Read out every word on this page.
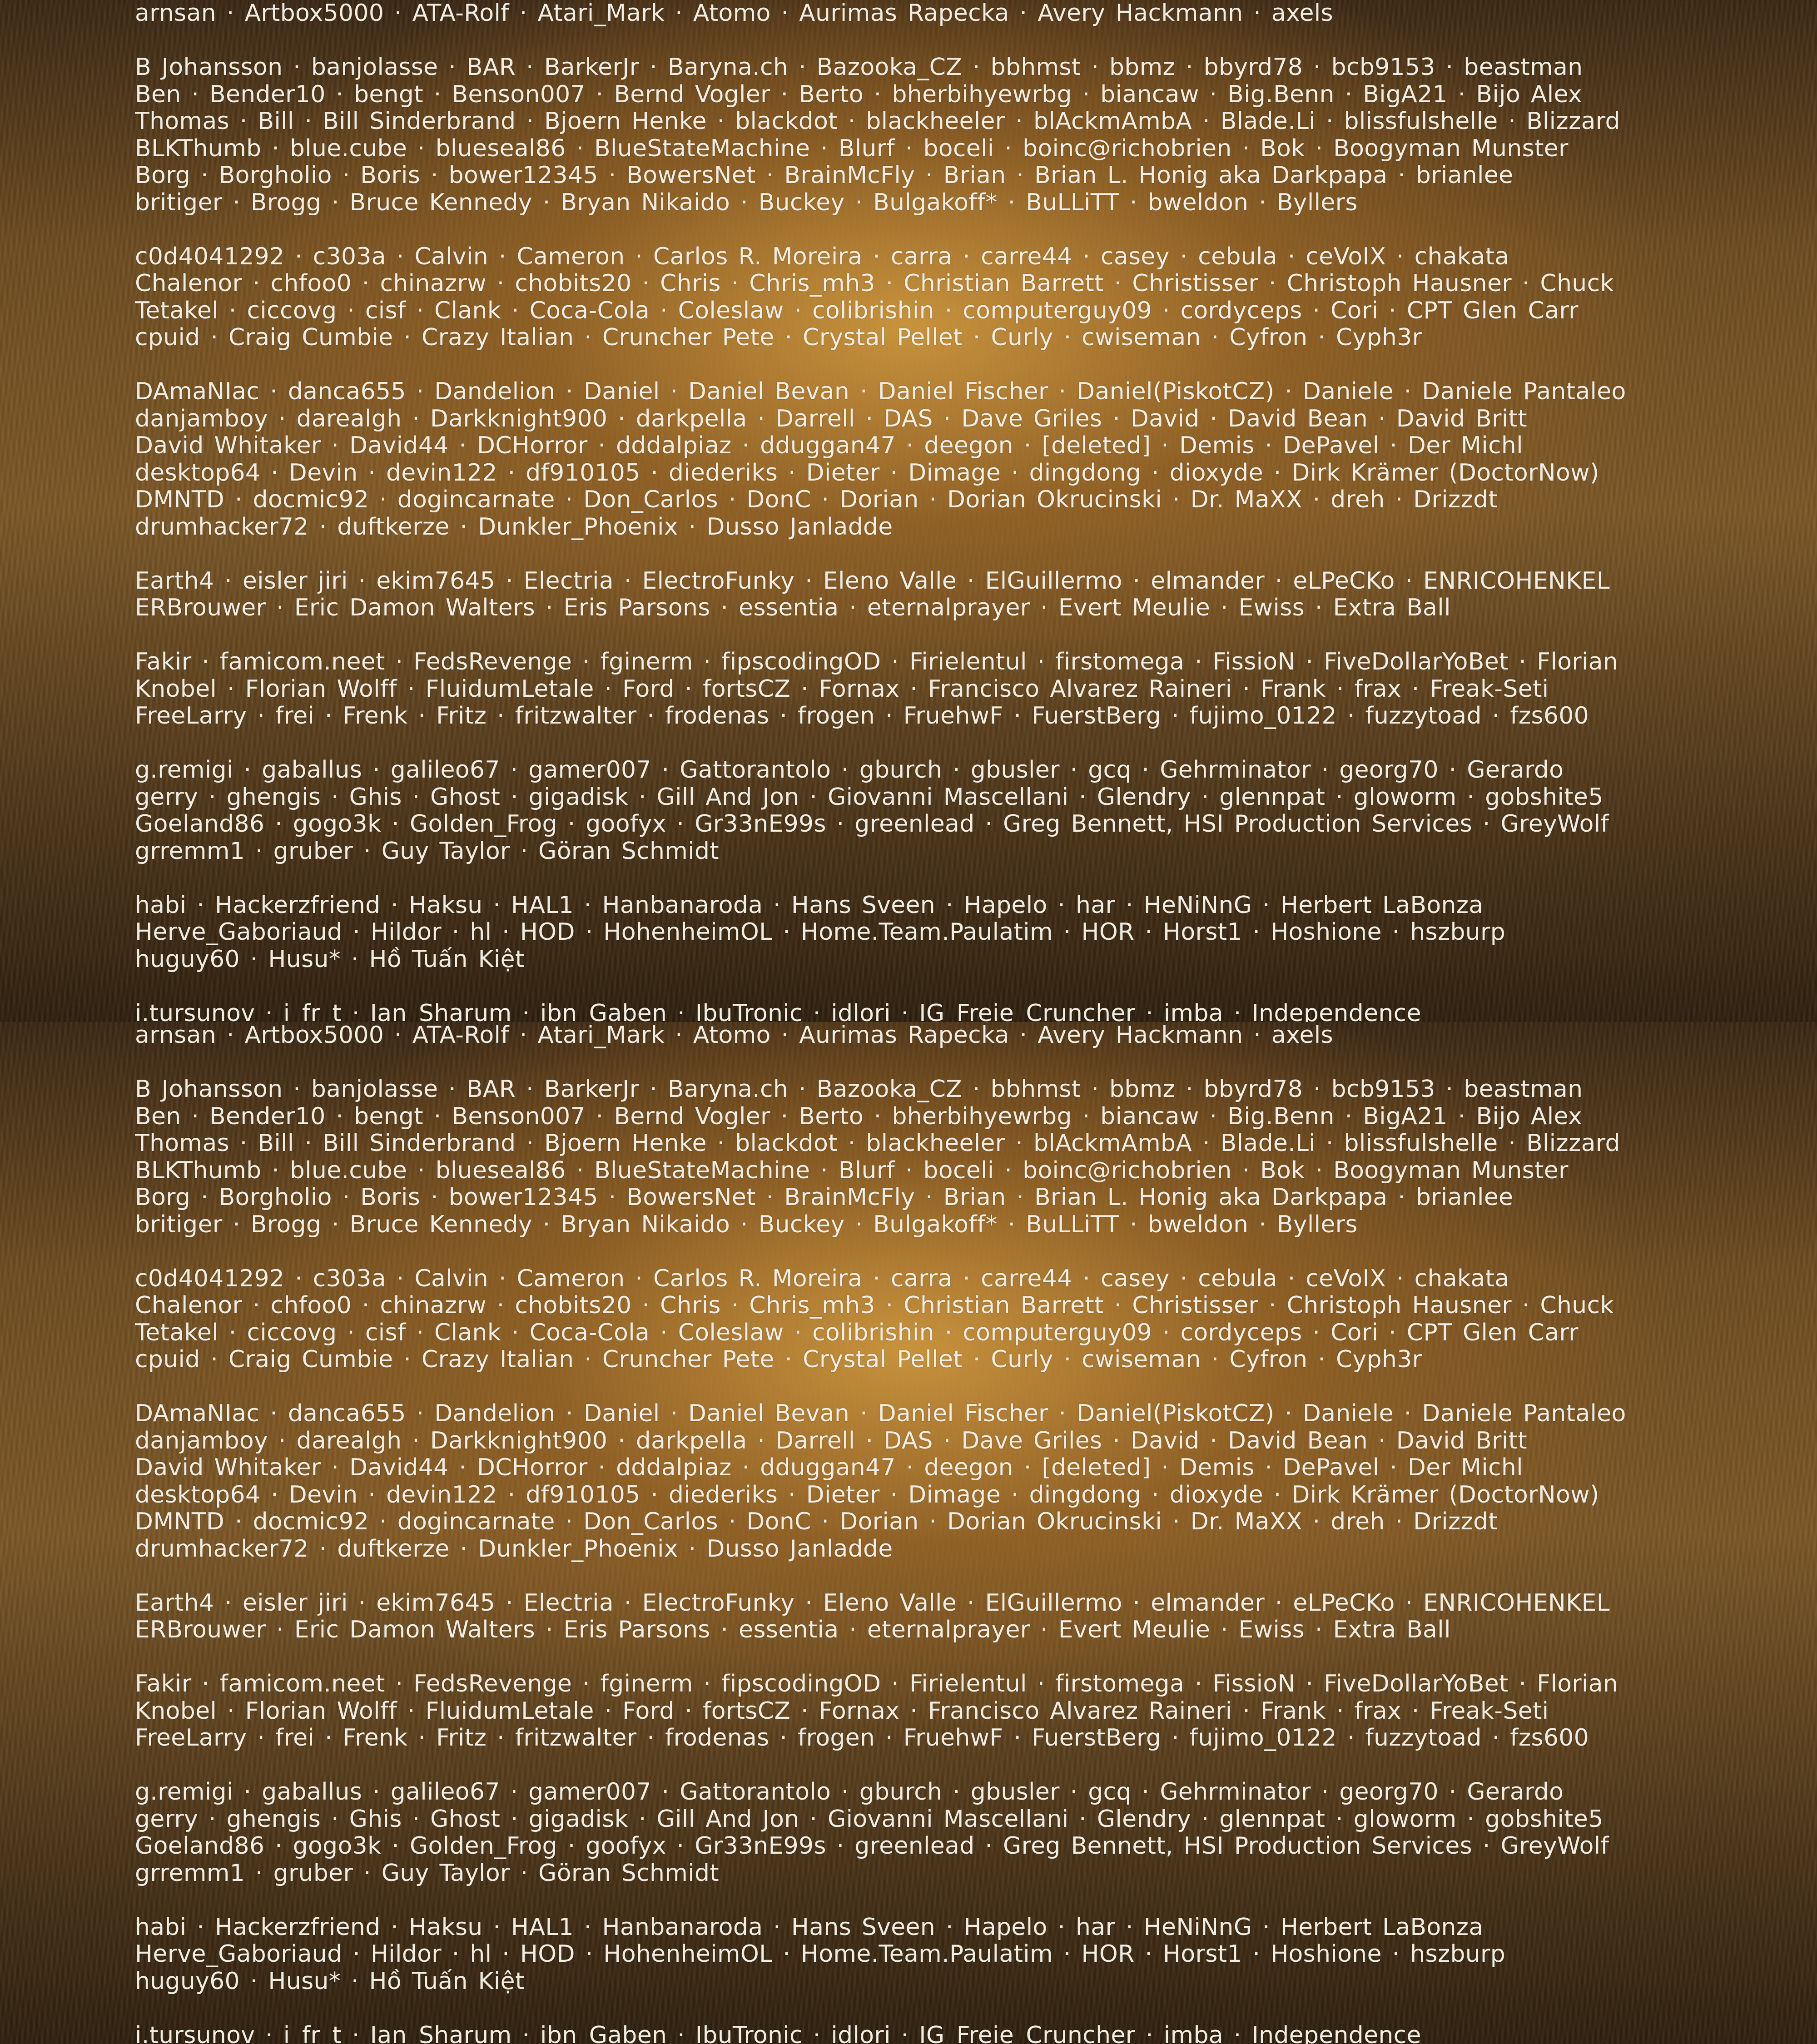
arnsan · Artbox5000 · ATA-Rolf · Atari_Mark · Atomo · Aurimas Rapecka · Avery Hackmann · axels
B Johansson · banjolasse · BAR · BarkerJr · Baryna.ch · Bazooka_CZ · bbhmst · bbmz · bbyrd78 · bcb9153 · beastman
Ben · Bender10 · bengt · Benson007 · Bernd Vogler · Berto · bherbihyewrbg · biancaw · Big.Benn · BigA21 · Bijo Alex
Thomas · Bill · Bill Sinderbrand · Bjoern Henke · blackdot · blackheeler · blAckmAmbA · Blade.Li · blissfulshelle · Blizzard
BLKThumb · blue.cube · blueseal86 · BlueStateMachine · Blurf · boceli · boinc@richobrien · Bok · Boogyman Munster
Borg · Borgholio · Boris · bower12345 · BowersNet · BrainMcFly · Brian · Brian L. Honig aka Darkpapa · brianlee
britiger · Brogg · Bruce Kennedy · Bryan Nikaido · Buckey · Bulgakoff* · BuLLiTT · bweldon · Byllers
c0d4041292 · c303a · Calvin · Cameron · Carlos R. Moreira · carra · carre44 · casey · cebula · ceVoIX · chakata
Chalenor · chfoo0 · chinazrw · chobits20 · Chris · Chris_mh3 · Christian Barrett · Christisser · Christoph Hausner · Chuck
Tetakel · ciccovg · cisf · Clank · Coca-Cola · Coleslaw · colibrishin · computerguy09 · cordyceps · Cori · CPT Glen Carr
cpuid · Craig Cumbie · Crazy Italian · Cruncher Pete · Crystal Pellet · Curly · cwiseman · Cyfron · Cyph3r
DAmaNIac · danca655 · Dandelion · Daniel · Daniel Bevan · Daniel Fischer · Daniel(PiskotCZ) · Daniele · Daniele Pantaleo
danjamboy · darealgh · Darkknight900 · darkpella · Darrell · DAS · Dave Griles · David · David Bean · David Britt
David Whitaker · David44 · DCHorror · dddalpiaz · dduggan47 · deegon · [deleted] · Demis · DePavel · Der Michl
desktop64 · Devin · devin122 · df910105 · diederiks · Dieter · Dimage · dingdong · dioxyde · Dirk Krämer (DoctorNow)
DMNTD · docmic92 · dogincarnate · Don_Carlos · DonC · Dorian · Dorian Okrucinski · Dr. MaXX · dreh · Drizzdt
drumhacker72 · duftkerze · Dunkler_Phoenix · Dusso Janladde
Earth4 · eisler jiri · ekim7645 · Electria · ElectroFunky · Eleno Valle · ElGuillermo · elmander · eLPeCKo · ENRICOHENKEL
ERBrouwer · Eric Damon Walters · Eris Parsons · essentia · eternalprayer · Evert Meulie · Ewiss · Extra Ball
Fakir · famicom.neet · FedsRevenge · fginerm · fipscodingOD · Firielentul · firstomega · FissioN · FiveDollarYoBet · Florian
Knobel · Florian Wolff · FluidumLetale · Ford · fortsCZ · Fornax · Francisco Alvarez Raineri · Frank · frax · Freak-Seti
FreeLarry · frei · Frenk · Fritz · fritzwalter · frodenas · frogen · FruehwF · FuerstBerg · fujimo_0122 · fuzzytoad · fzs600
g.remigi · gaballus · galileo67 · gamer007 · Gattorantolo · gburch · gbusler · gcq · Gehrminator · georg70 · Gerardo
gerry · ghengis · Ghis · Ghost · gigadisk · Gill And Jon · Giovanni Mascellani · Glendry · glennpat · gloworm · gobshite5
Goeland86 · gogo3k · Golden_Frog · goofyx · Gr33nE99s · greenlead · Greg Bennett, HSI Production Services · GreyWolf
grremm1 · gruber · Guy Taylor · Göran Schmidt
habi · Hackerzfriend · Haksu · HAL1 · Hanbanaroda · Hans Sveen · Hapelo · har · HeNiNnG · Herbert LaBonza
Herve_Gaboriaud · Hildor · hl · HOD · HohenheimOL · Home.Team.Paulatim · HOR · Horst1 · Hoshione · hszburp
huguy60 · Husu* · Hồ Tuấn Kiệt
i.tursunov · i_fr_t · Ian_Sharum · ibn_Gaben · IbuTronic · idlori · IG_Freie_Cruncher · imba · Independence
arnsan · Artbox5000 · ATA-Rolf · Atari_Mark · Atomo · Aurimas Rapecka · Avery Hackmann · axels
B Johansson · banjolasse · BAR · BarkerJr · Baryna.ch · Bazooka_CZ · bbhmst · bbmz · bbyrd78 · bcb9153 · beastman
Ben · Bender10 · bengt · Benson007 · Bernd Vogler · Berto · bherbihyewrbg · biancaw · Big.Benn · BigA21 · Bijo Alex
Thomas · Bill · Bill Sinderbrand · Bjoern Henke · blackdot · blackheeler · blAckmAmbA · Blade.Li · blissfulshelle · Blizzard
BLKThumb · blue.cube · blueseal86 · BlueStateMachine · Blurf · boceli · boinc@richobrien · Bok · Boogyman Munster
Borg · Borgholio · Boris · bower12345 · BowersNet · BrainMcFly · Brian · Brian L. Honig aka Darkpapa · brianlee
britiger · Brogg · Bruce Kennedy · Bryan Nikaido · Buckey · Bulgakoff* · BuLLiTT · bweldon · Byllers
c0d4041292 · c303a · Calvin · Cameron · Carlos R. Moreira · carra · carre44 · casey · cebula · ceVoIX · chakata
Chalenor · chfoo0 · chinazrw · chobits20 · Chris · Chris_mh3 · Christian Barrett · Christisser · Christoph Hausner · Chuck
Tetakel · ciccovg · cisf · Clank · Coca-Cola · Coleslaw · colibrishin · computerguy09 · cordyceps · Cori · CPT Glen Carr
cpuid · Craig Cumbie · Crazy Italian · Cruncher Pete · Crystal Pellet · Curly · cwiseman · Cyfron · Cyph3r
DAmaNIac · danca655 · Dandelion · Daniel · Daniel Bevan · Daniel Fischer · Daniel(PiskotCZ) · Daniele · Daniele Pantaleo
danjamboy · darealgh · Darkknight900 · darkpella · Darrell · DAS · Dave Griles · David · David Bean · David Britt
David Whitaker · David44 · DCHorror · dddalpiaz · dduggan47 · deegon · [deleted] · Demis · DePavel · Der Michl
desktop64 · Devin · devin122 · df910105 · diederiks · Dieter · Dimage · dingdong · dioxyde · Dirk Krämer (DoctorNow)
DMNTD · docmic92 · dogincarnate · Don_Carlos · DonC · Dorian · Dorian Okrucinski · Dr. MaXX · dreh · Drizzdt
drumhacker72 · duftkerze · Dunkler_Phoenix · Dusso Janladde
Earth4 · eisler jiri · ekim7645 · Electria · ElectroFunky · Eleno Valle · ElGuillermo · elmander · eLPeCKo · ENRICOHENKEL
ERBrouwer · Eric Damon Walters · Eris Parsons · essentia · eternalprayer · Evert Meulie · Ewiss · Extra Ball
Fakir · famicom.neet · FedsRevenge · fginerm · fipscodingOD · Firielentul · firstomega · FissioN · FiveDollarYoBet · Florian
Knobel · Florian Wolff · FluidumLetale · Ford · fortsCZ · Fornax · Francisco Alvarez Raineri · Frank · frax · Freak-Seti
FreeLarry · frei · Frenk · Fritz · fritzwalter · frodenas · frogen · FruehwF · FuerstBerg · fujimo_0122 · fuzzytoad · fzs600
g.remigi · gaballus · galileo67 · gamer007 · Gattorantolo · gburch · gbusler · gcq · Gehrminator · georg70 · Gerardo
gerry · ghengis · Ghis · Ghost · gigadisk · Gill And Jon · Giovanni Mascellani · Glendry · glennpat · gloworm · gobshite5
Goeland86 · gogo3k · Golden_Frog · goofyx · Gr33nE99s · greenlead · Greg Bennett, HSI Production Services · GreyWolf
grremm1 · gruber · Guy Taylor · Göran Schmidt
habi · Hackerzfriend · Haksu · HAL1 · Hanbanaroda · Hans Sveen · Hapelo · har · HeNiNnG · Herbert LaBonza
Herve_Gaboriaud · Hildor · hl · HOD · HohenheimOL · Home.Team.Paulatim · HOR · Horst1 · Hoshione · hszburp
huguy60 · Husu* · Hồ Tuấn Kiệt
i.tursunov · i_fr_t · Ian_Sharum · ibn_Gaben · IbuTronic · idlori · IG_Freie_Cruncher · imba · Independence
